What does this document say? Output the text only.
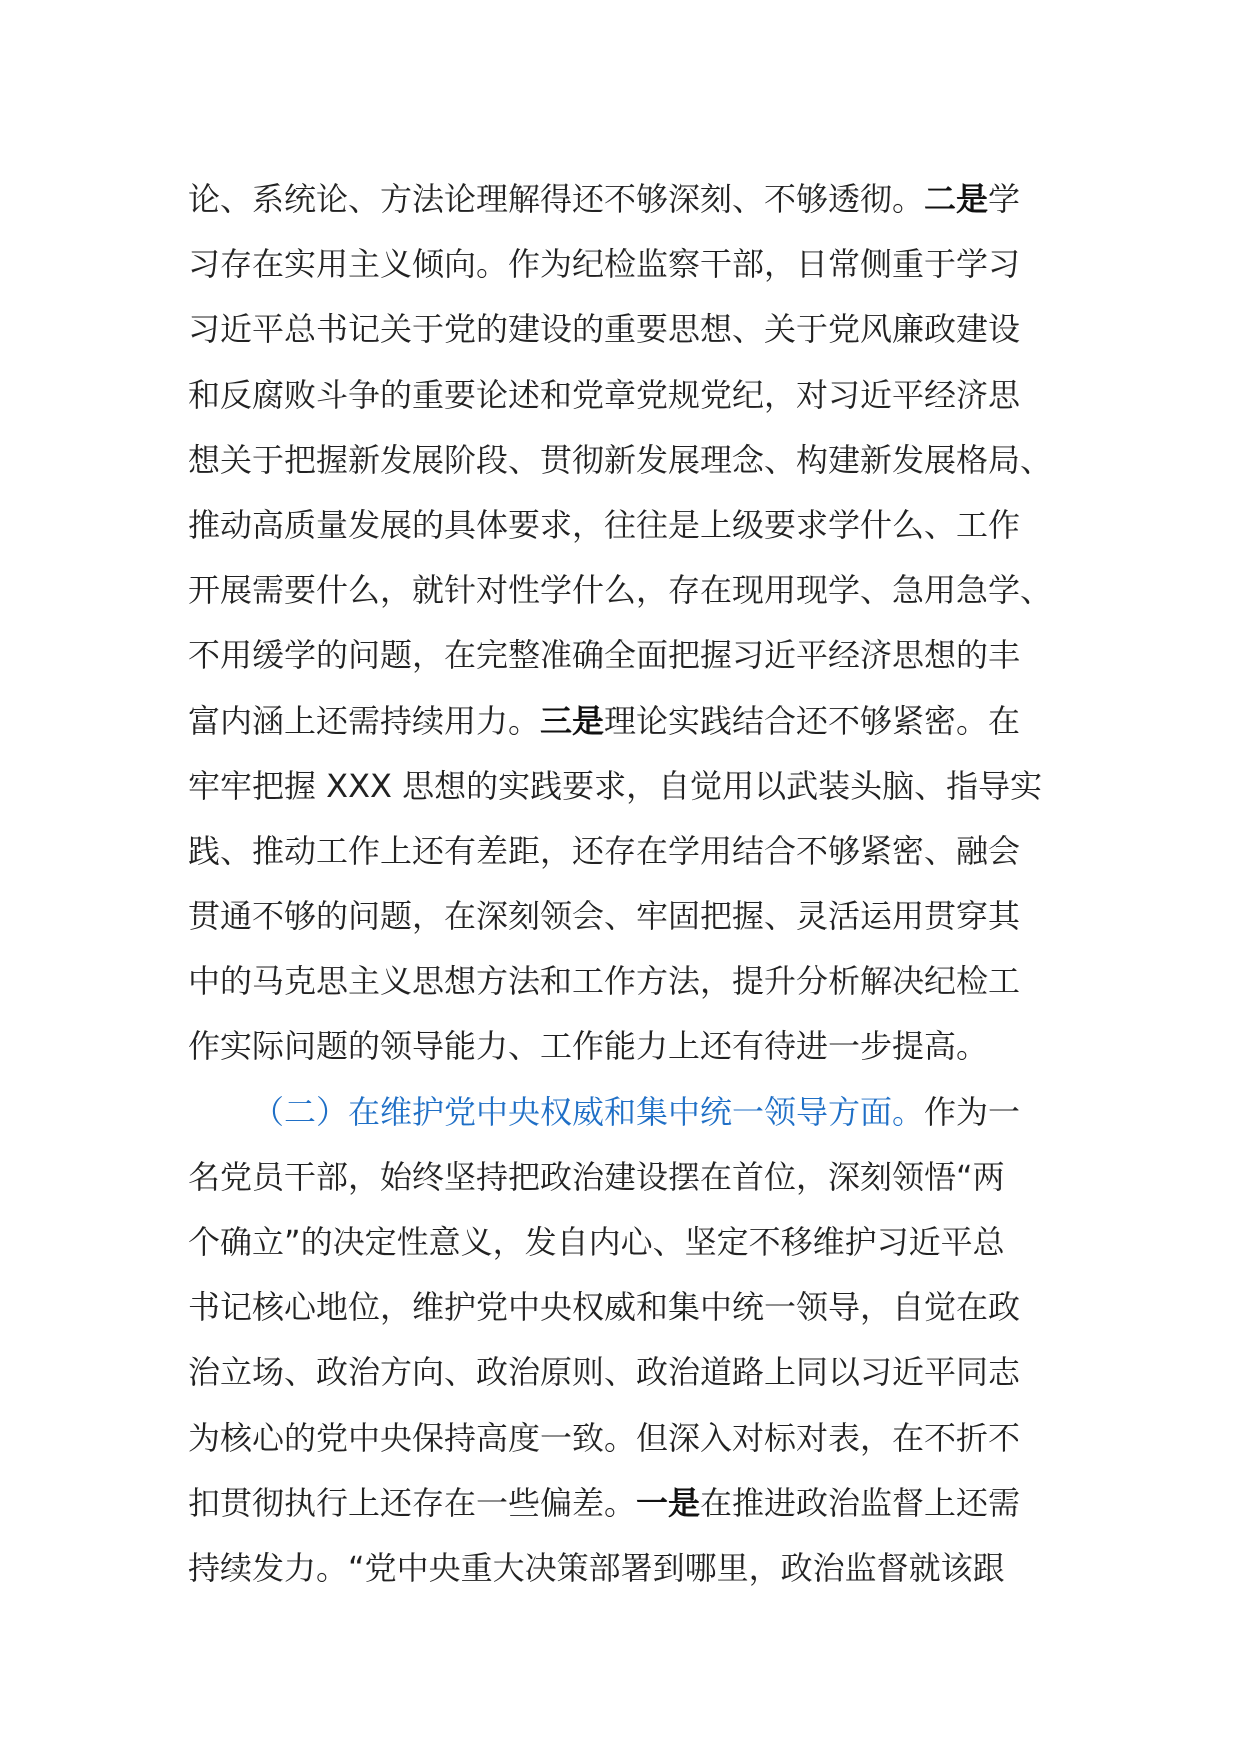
论、系统论、方法论理解得还不够深刻、不够透彻。二是学
习存在实用主义倾向。作为纪检监察干部，日常侧重于学习
习近平总书记关于党的建设的重要思想、关于党风廉政建设
和反腐败斗争的重要论述和党章党规党纪，对习近平经济思
想关于把握新发展阶段、贯彻新发展理念、构建新发展格局、
推动高质量发展的具体要求，往往是上级要求学什么、工作
开展需要什么，就针对性学什么，存在现用现学、急用急学、
不用缓学的问题，在完整准确全面把握习近平经济思想的丰
富内涵上还需持续用力。三是理论实践结合还不够紧密。在
牢牢把握 XXX 思想的实践要求，自觉用以武装头脑、指导实
践、推动工作上还有差距，还存在学用结合不够紧密、融会
贯通不够的问题，在深刻领会、牢固把握、灵活运用贯穿其
中的马克思主义思想方法和工作方法，提升分析解决纪检工
作实际问题的领导能力、工作能力上还有待进一步提高。
（二）在维护党中央权威和集中统一领导方面。作为一
名党员干部，始终坚持把政治建设摆在首位，深刻领悟“两
个确立”的决定性意义，发自内心、坚定不移维护习近平总
书记核心地位，维护党中央权威和集中统一领导，自觉在政
治立场、政治方向、政治原则、政治道路上同以习近平同志
为核心的党中央保持高度一致。但深入对标对表，在不折不
扣贯彻执行上还存在一些偏差。一是在推进政治监督上还需
持续发力。“党中央重大决策部署到哪里，政治监督就该跟
